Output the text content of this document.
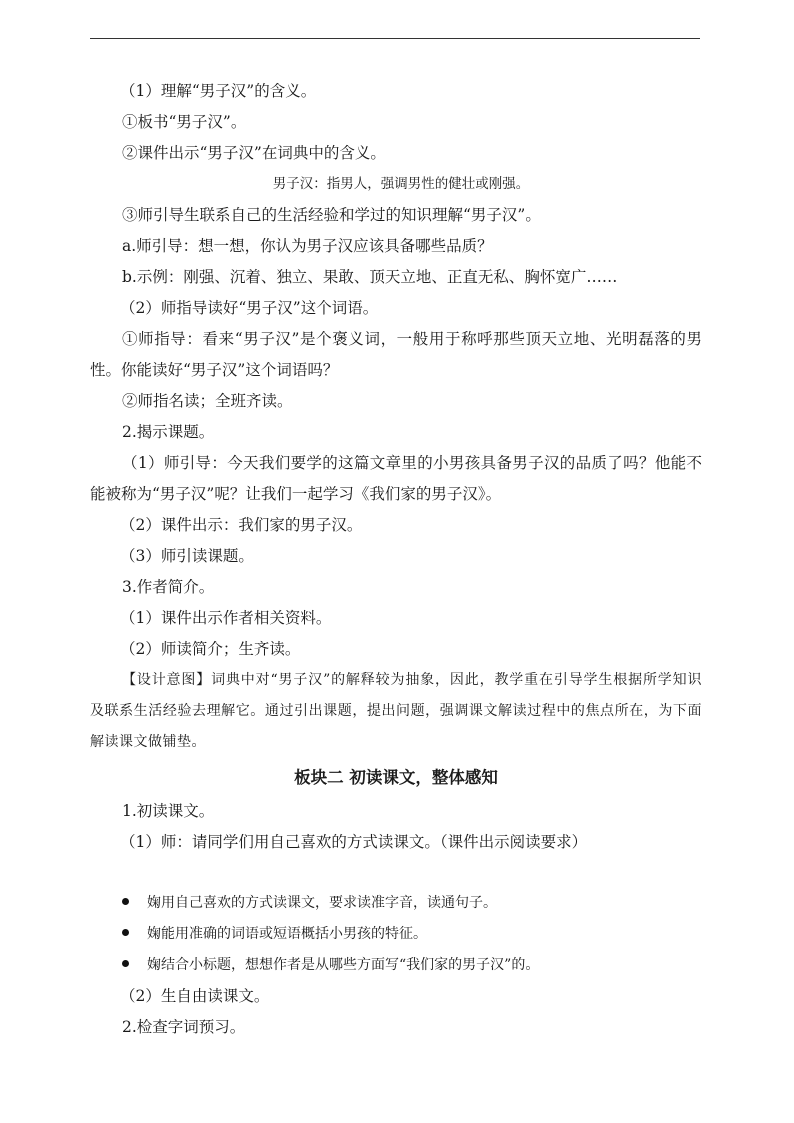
（1）理解“男子汉”的含义。
①板书“男子汉”。
②课件出示“男子汉”在词典中的含义。
男子汉：指男人，强调男性的健壮或刚强。
③师引导生联系自己的生活经验和学过的知识理解“男子汉”。
a.师引导：想一想，你认为男子汉应该具备哪些品质？
b.示例：刚强、沉着、独立、果敢、顶天立地、正直无私、胸怀宽广……
（2）师指导读好“男子汉”这个词语。
①师指导：看来“男子汉”是个褒义词，一般用于称呼那些顶天立地、光明磊落的男性。你能读好“男子汉”这个词语吗？
②师指名读；全班齐读。
2.揭示课题。
（1）师引导：今天我们要学的这篇文章里的小男孩具备男子汉的品质了吗？他能不能被称为“男子汉”呢？让我们一起学习《我们家的男子汉》。
（2）课件出示：我们家的男子汉。
（3）师引读课题。
3.作者简介。
（1）课件出示作者相关资料。
（2）师读简介；生齐读。
【设计意图】词典中对“男子汉”的解释较为抽象，因此，教学重在引导学生根据所学知识及联系生活经验去理解它。通过引出课题，提出问题，强调课文解读过程中的焦点所在，为下面解读课文做铺垫。
板块二 初读课文，整体感知
1.初读课文。
（1）师：请同学们用自己喜欢的方式读课文。（课件出示阅读要求）
婅用自己喜欢的方式读课文，要求读准字音，读通句子。
婅能用准确的词语或短语概括小男孩的特征。
婅结合小标题，想想作者是从哪些方面写“我们家的男子汉”的。
（2）生自由读课文。
2.检查字词预习。
